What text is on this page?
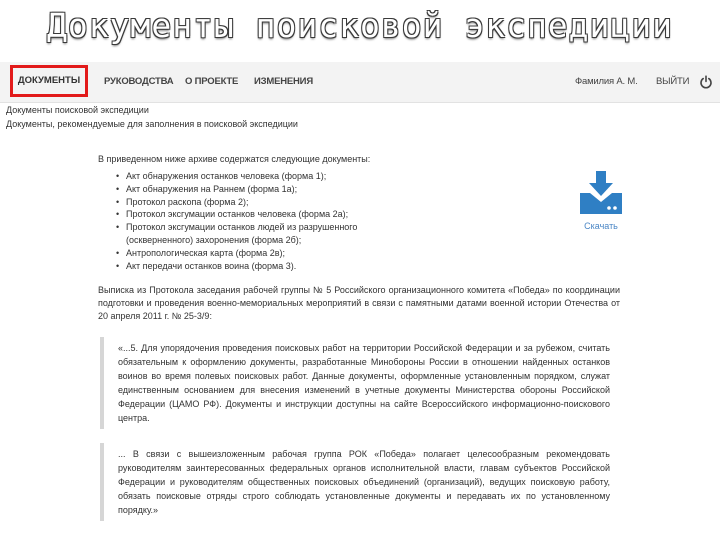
Документы поисковой экспедиции
ДОКУМЕНТЫ	РУКОВОДСТВА О ПРОЕКТЕ ИЗМЕНЕНИЯ	Фамилия А. М. ВЫЙТИ
Документы поисковой экспедиции
Документы, рекомендуемые для заполнения в поисковой экспедиции

В приведенном ниже архиве содержатся следующие документы:

• Акт обнаружения останков человека (форма 1);
• Акт обнаружения на Раннем (форма 1а);
• Протокол раскопа (форма 2);
• Протокол эксгумации останков человека (форма 2а);
• Протокол эксгумации останков людей из разрушенного (оскверненного) захоронения (форма 2б);
• Антропологическая карта (форма 2в);
• Акт передачи останков воина (форма 3).

Выписка из Протокола заседания рабочей группы № 5 Российского организационного комитета «Победа» по координации подготовки и проведения военно-мемориальных мероприятий в связи с памятными датами военной истории Отечества от 20 апреля 2011 г. № 25-3/9:

«...5. Для упорядочения проведения поисковых работ на территории Российской Федерации и за рубежом, считать обязательным к оформлению документы, разработанные Минобороны России в отношении найденных останков воинов во время полевых поисковых работ. Данные документы, оформленные установленным порядком, служат единственным основанием для внесения изменений в учетные документы Министерства обороны Российской Федерации (ЦАМО РФ). Документы и инструкции доступны на сайте Всероссийского информационно-поискового центра.
... В связи с вышеизложенным рабочая группа РОК «Победа» полагает целесообразным рекомендовать руководителям заинтересованных федеральных органов исполнительной власти, главам субъектов Российской Федерации и руководителям общественных поисковых объединений (организаций), ведущих поисковую работу, обязать поисковые отряды строго соблюдать установленные документы и передавать их по установленному порядку.»
Скачать
